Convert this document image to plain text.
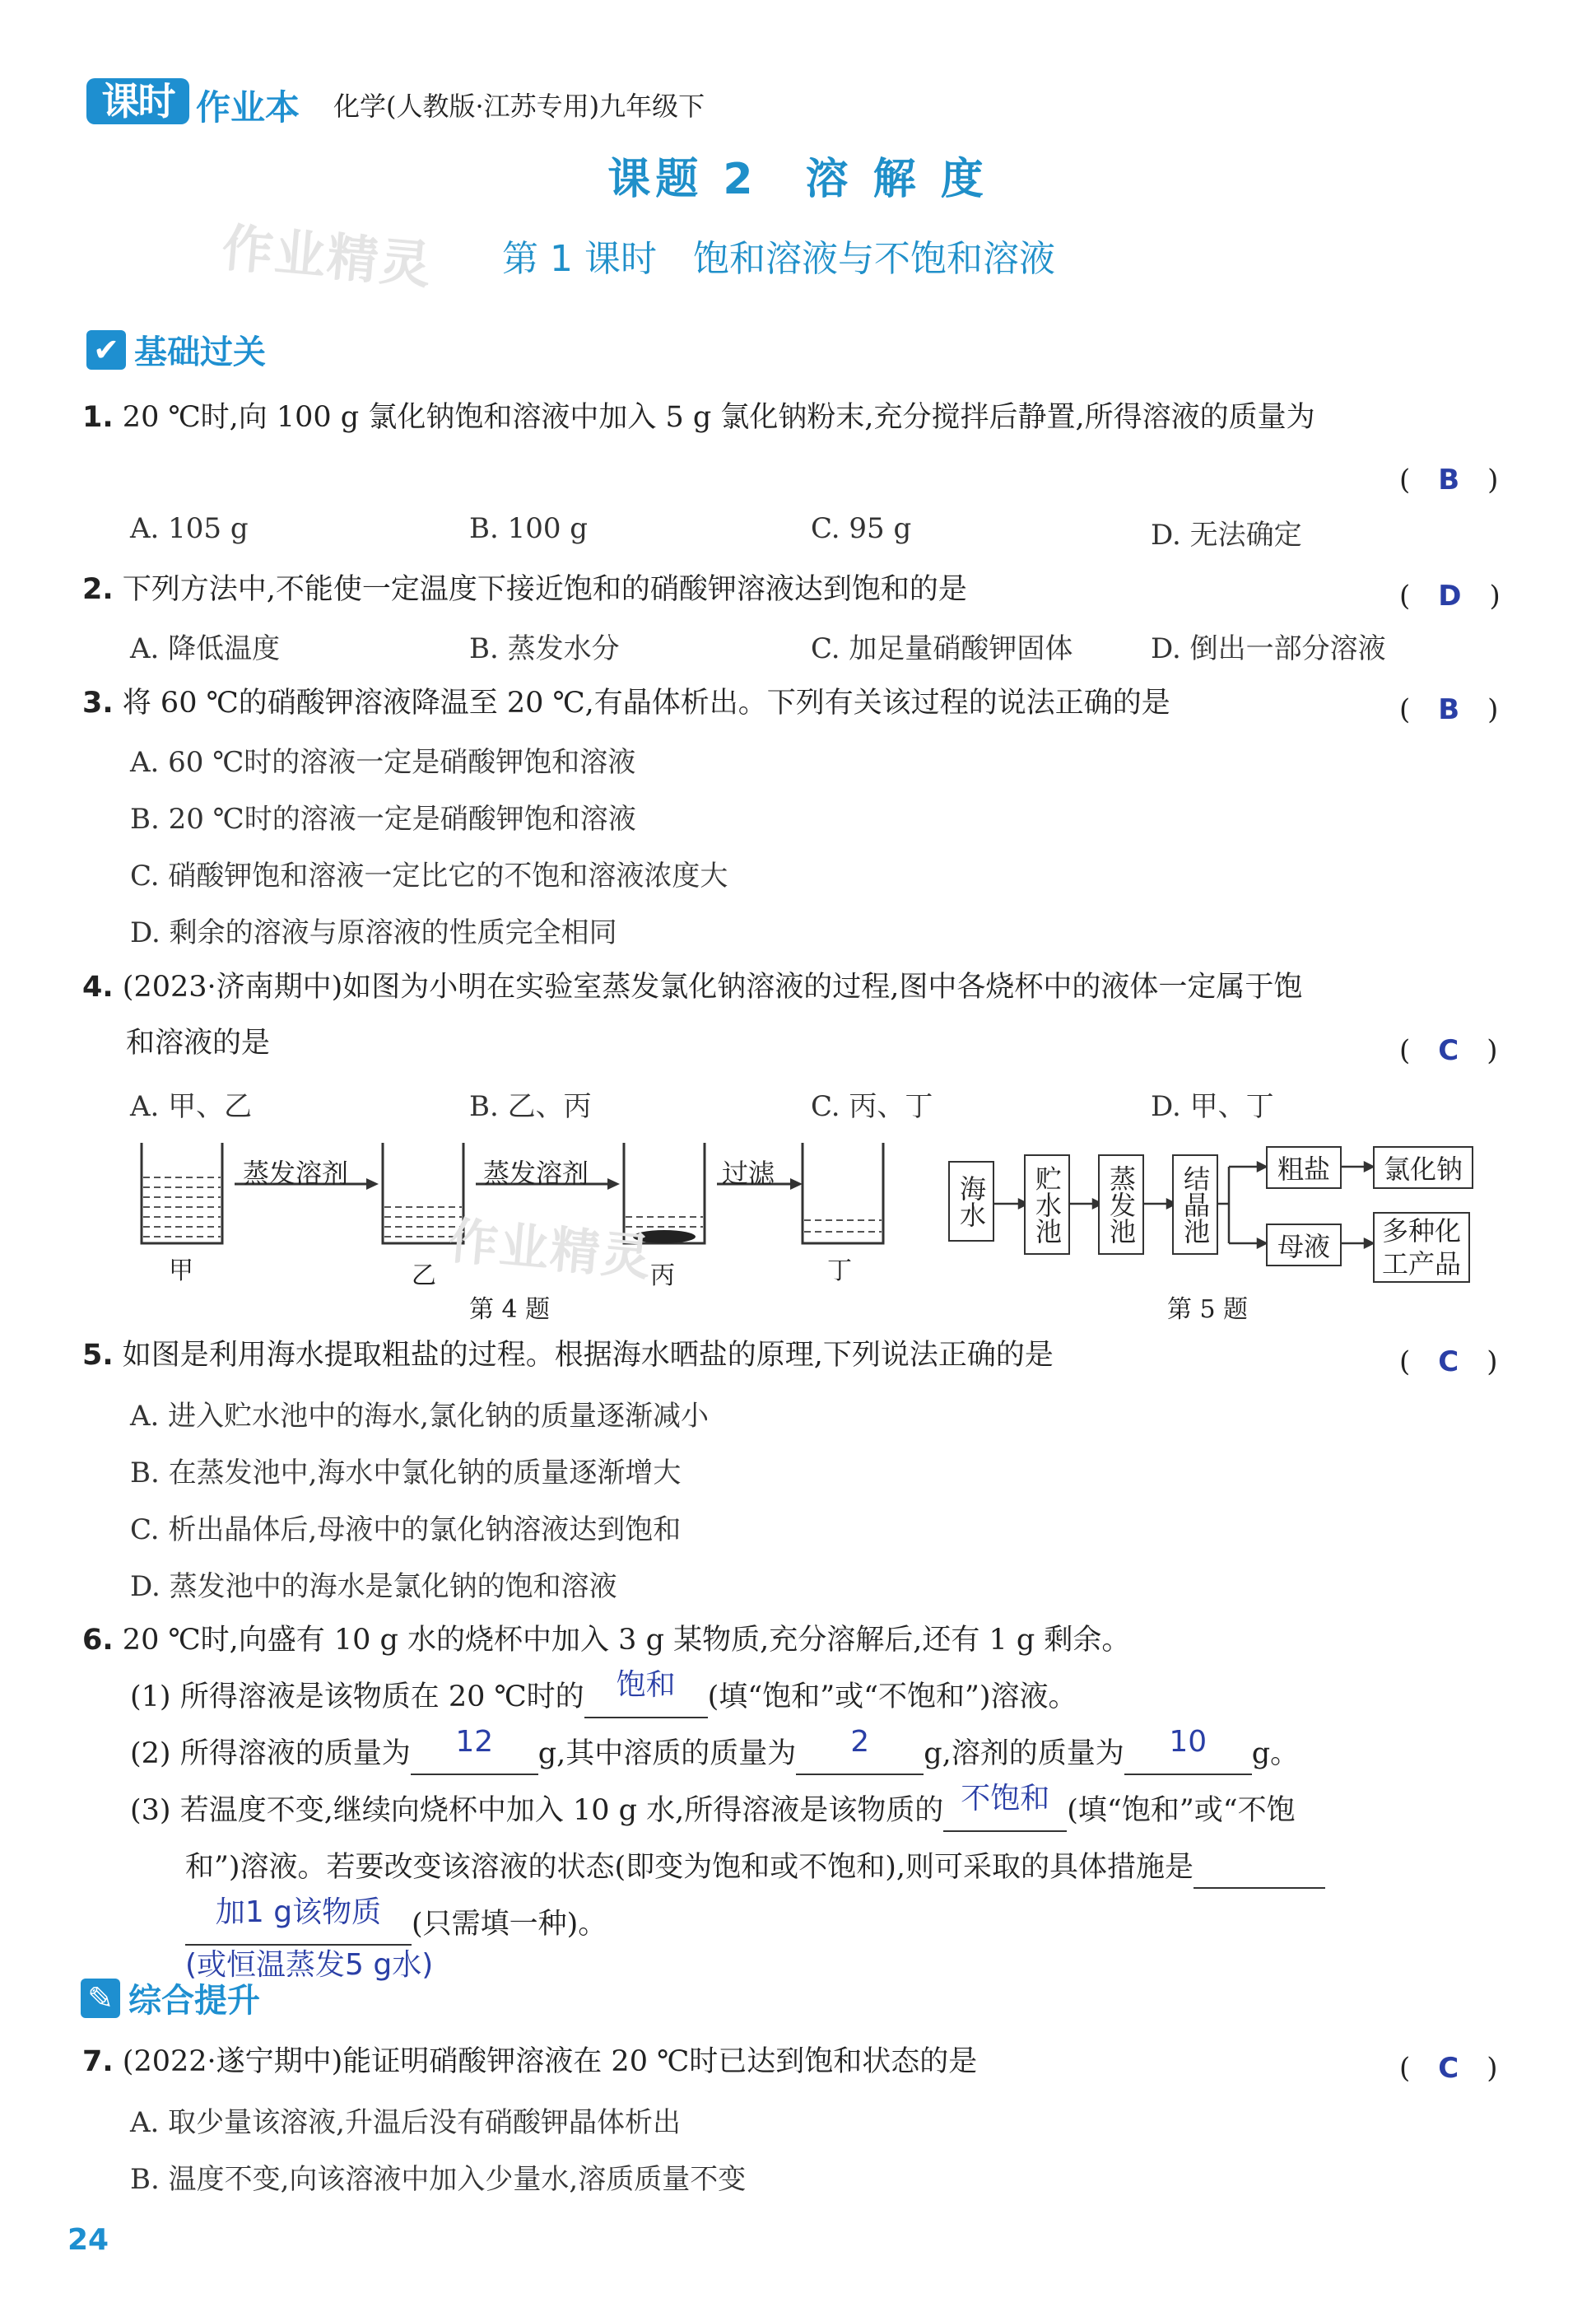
课时 作业本 化学(人教版·江苏专用)九年级下
课题 2　溶 解 度
作业精灵 第 1 课时　饱和溶液与不饱和溶液
✔ 基础过关
1. 20 ℃时,向 100 g 氯化钠饱和溶液中加入 5 g 氯化钠粉末,充分搅拌后静置,所得溶液的质量为
(　B　)
A. 105 g	B. 100 g	C. 95 g	D. 无法确定
2. 下列方法中,不能使一定温度下接近饱和的硝酸钾溶液达到饱和的是	(　D　)
A. 降低温度	B. 蒸发水分	C. 加足量硝酸钾固体	D. 倒出一部分溶液
3. 将 60 ℃的硝酸钾溶液降温至 20 ℃,有晶体析出。下列有关该过程的说法正确的是	(　B　)
A. 60 ℃时的溶液一定是硝酸钾饱和溶液
B. 20 ℃时的溶液一定是硝酸钾饱和溶液
C. 硝酸钾饱和溶液一定比它的不饱和溶液浓度大
D. 剩余的溶液与原溶液的性质完全相同
4. (2023·济南期中)如图为小明在实验室蒸发氯化钠溶液的过程,图中各烧杯中的液体一定属于饱
和溶液的是	(　C　)
A. 甲、乙	B. 乙、丙	C. 丙、丁	D. 甲、丁
蒸发溶剂	蒸发溶剂	过滤
甲	乙	丙	丁
作业精灵
第 4 题
海水 贮水池 蒸发池 结晶池	粗盐	氯化钠
母液	多种化工产品
第 5 题
5. 如图是利用海水提取粗盐的过程。根据海水晒盐的原理,下列说法正确的是	(　C　)
A. 进入贮水池中的海水,氯化钠的质量逐渐减小
B. 在蒸发池中,海水中氯化钠的质量逐渐增大
C. 析出晶体后,母液中的氯化钠溶液达到饱和
D. 蒸发池中的海水是氯化钠的饱和溶液
6. 20 ℃时,向盛有 10 g 水的烧杯中加入 3 g 某物质,充分溶解后,还有 1 g 剩余。
(1) 所得溶液是该物质在 20 ℃时的	饱和	(填“饱和”或“不饱和”)溶液。
(2) 所得溶液的质量为	12	g,其中溶质的质量为	2	g,溶剂的质量为	10	g。
(3) 若温度不变,继续向烧杯中加入 10 g 水,所得溶液是该物质的 不饱和 (填“饱和”或“不饱
和”)溶液。若要改变该溶液的状态(即变为饱和或不饱和),则可采取的具体措施是

加1 g该物质	(只需填一种)。
(或恒温蒸发5 g水)
✎ 综合提升
7. (2022·遂宁期中)能证明硝酸钾溶液在 20 ℃时已达到饱和状态的是	(　C　)
A. 取少量该溶液,升温后没有硝酸钾晶体析出
B. 温度不变,向该溶液中加入少量水,溶质质量不变
24
